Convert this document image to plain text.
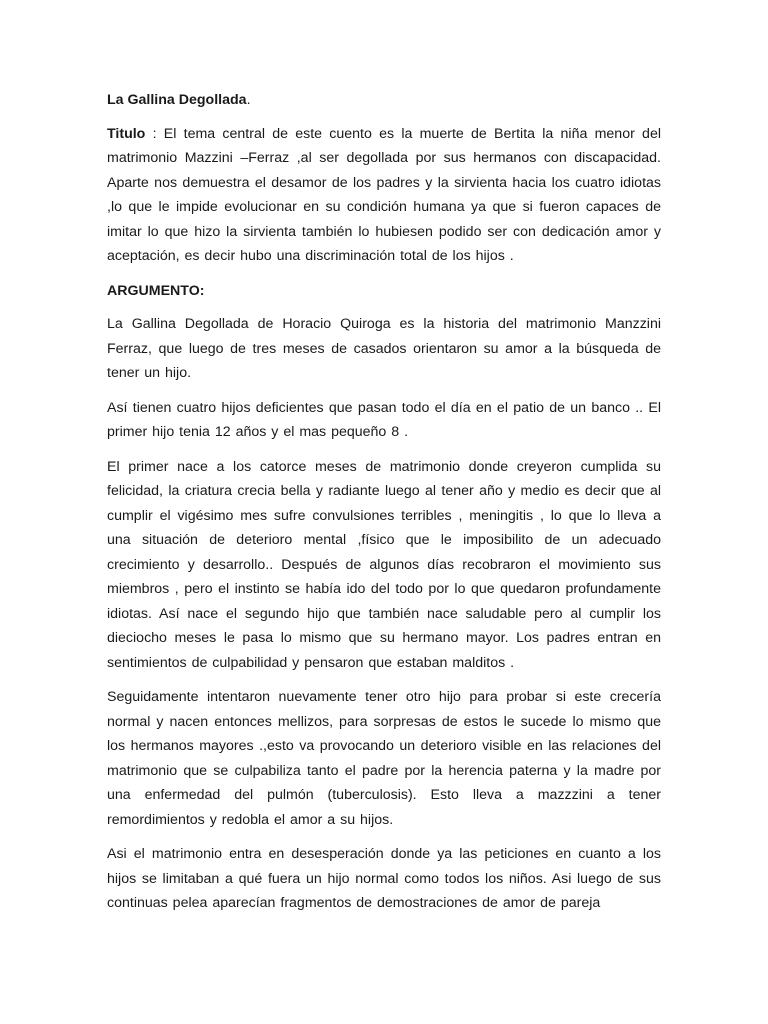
La Gallina Degollada.

Titulo : El tema central de este cuento es la muerte de Bertita la niña menor del matrimonio Mazzini –Ferraz ,al ser degollada por sus hermanos con discapacidad. Aparte nos demuestra el desamor de los padres y la sirvienta hacia los cuatro idiotas ,lo que le impide evolucionar en su condición humana ya que si fueron capaces de imitar lo que hizo la sirvienta también lo hubiesen podido ser con dedicación amor y aceptación, es decir hubo una discriminación total de los hijos .

ARGUMENTO:

La Gallina Degollada de Horacio Quiroga es la historia del matrimonio Manzzini Ferraz, que luego de tres meses de casados orientaron su amor a la búsqueda de tener un hijo.

Así tienen cuatro hijos deficientes que pasan todo el día en el patio de un banco .. El primer hijo tenia 12 años y el mas pequeño 8 .

El primer nace a los catorce meses de matrimonio donde creyeron cumplida su felicidad, la criatura crecia bella y radiante luego al tener año y medio es decir que al cumplir el vigésimo mes sufre convulsiones terribles , meningitis , lo que lo lleva a una situación de deterioro mental ,físico que le imposibilito de un adecuado crecimiento y desarrollo.. Después de algunos días recobraron el movimiento sus miembros , pero el instinto se había ido del todo por lo que quedaron profundamente idiotas. Así nace el segundo hijo que también nace saludable pero al cumplir los dieciocho meses le pasa lo mismo que su hermano mayor. Los padres entran en sentimientos de culpabilidad y pensaron que estaban malditos .

Seguidamente intentaron nuevamente tener otro hijo para probar si este crecería normal y nacen entonces mellizos, para sorpresas de estos le sucede lo mismo que los hermanos mayores .,esto va provocando un deterioro visible en las relaciones del matrimonio que se culpabiliza tanto el padre por la herencia paterna y la madre por una enfermedad del pulmón (tuberculosis). Esto lleva a mazzzini a tener remordimientos y redobla el amor a su hijos.

Asi el matrimonio entra en desesperación donde ya las peticiones en cuanto a los hijos se limitaban a qué fuera un hijo normal como todos los niños. Asi luego de sus continuas pelea aparecían fragmentos de demostraciones de amor de pareja
